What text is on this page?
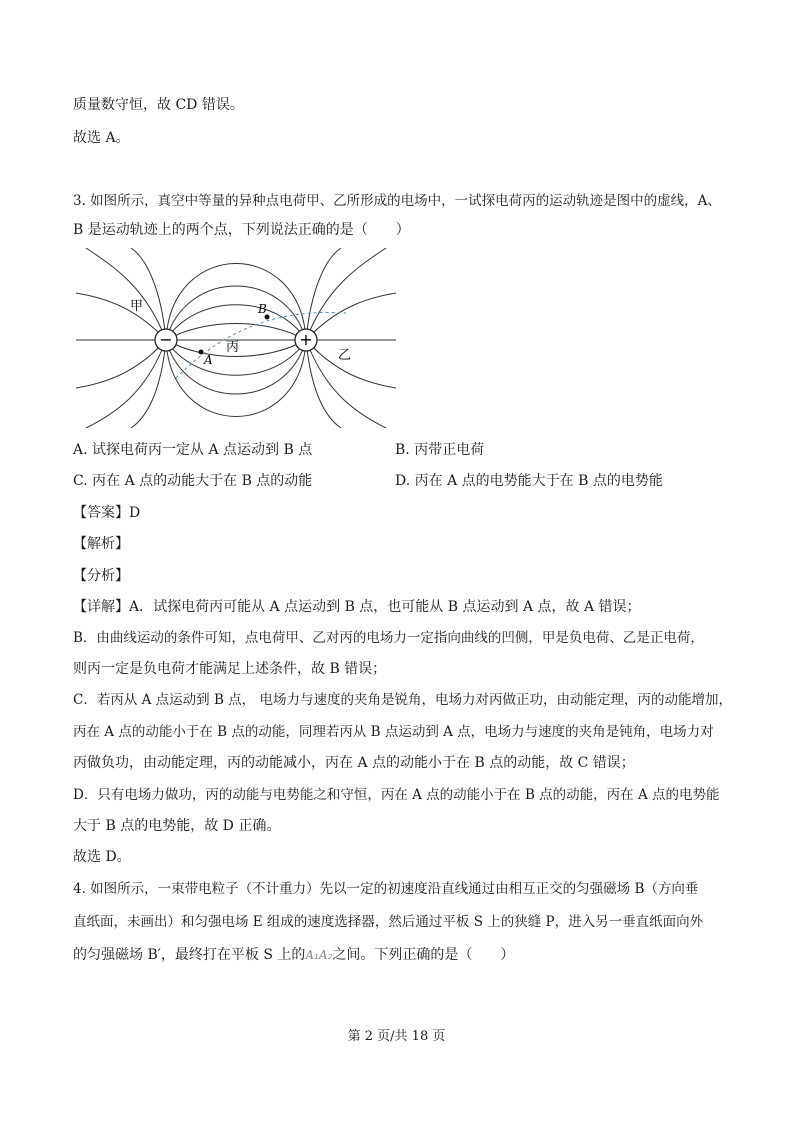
质量数守恒，故 CD 错误。
故选 A。
3. 如图所示，真空中等量的异种点电荷甲、乙所形成的电场中，一试探电荷丙的运动轨迹是图中的虚线，A、
B 是运动轨迹上的两个点，下列说法正确的是（　　）
−	+
甲
乙
丙
A
B
A. 试探电荷丙一定从 A 点运动到 B 点	B. 丙带正电荷
C. 丙在 A 点的动能大于在 B 点的动能	D. 丙在 A 点的电势能大于在 B 点的电势能
【答案】D
【解析】
【分析】
【详解】A．试探电荷丙可能从 A 点运动到 B 点，也可能从 B 点运动到 A 点，故 A 错误；
B．由曲线运动的条件可知，点电荷甲、乙对丙的电场力一定指向曲线的凹侧，甲是负电荷、乙是正电荷，
则丙一定是负电荷才能满足上述条件，故 B 错误；
C．若丙从 A 点运动到 B 点， 电场力与速度的夹角是锐角，电场力对丙做正功，由动能定理，丙的动能增加，
丙在 A 点的动能小于在 B 点的动能，同理若丙从 B 点运动到 A 点，电场力与速度的夹角是钝角，电场力对
丙做负功，由动能定理，丙的动能减小，丙在 A 点的动能小于在 B 点的动能，故 C 错误；
D．只有电场力做功，丙的动能与电势能之和守恒，丙在 A 点的动能小于在 B 点的动能，丙在 A 点的电势能
大于 B 点的电势能，故 D 正确。
故选 D。
4. 如图所示，一束带电粒子（不计重力）先以一定的初速度沿直线通过由相互正交的匀强磁场 B（方向垂
直纸面，未画出）和匀强电场 E 组成的速度选择器，然后通过平板 S 上的狭缝 P，进入另一垂直纸面向外
的匀强磁场 B′，最终打在平板 S 上的A₁A₂之间。下列正确的是（　　）
第 2 页/共 18 页
